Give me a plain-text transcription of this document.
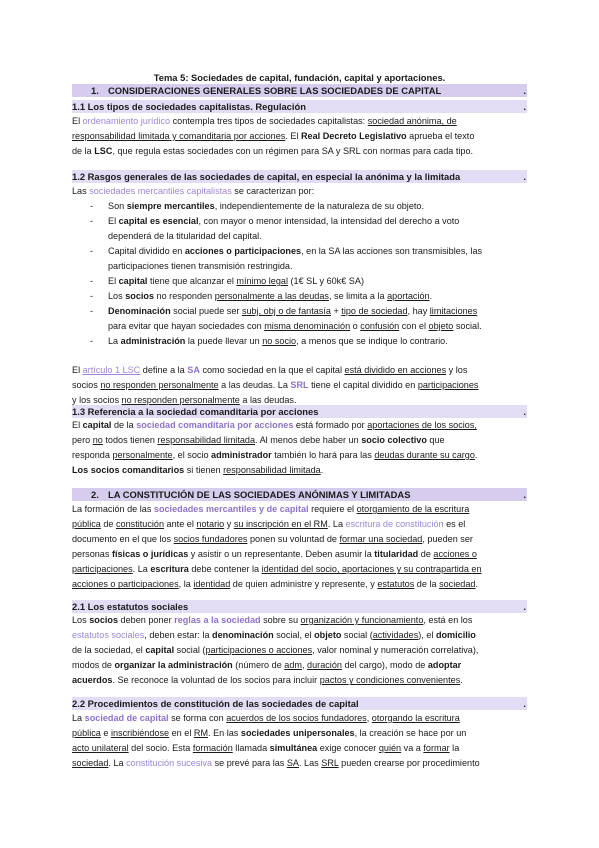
Tema 5: Sociedades de capital, fundación, capital y aportaciones.
1. CONSIDERACIONES GENERALES SOBRE LAS SOCIEDADES DE CAPITAL	.
1.1 Los tipos de sociedades capitalistas. Regulación	.
El ordenamiento jurídico contempla tres tipos de sociedades capitalistas: sociedad anónima, de
responsabilidad limitada y comanditaria por acciones. El Real Decreto Legislativo aprueba el texto
de la LSC, que regula estas sociedades con un régimen para SA y SRL con normas para cada tipo.
1.2 Rasgos generales de las sociedades de capital, en especial la anónima y la limitada	.
Las sociedades mercantiles capitalistas se caracterizan por:
- Son siempre mercantiles, independientemente de la naturaleza de su objeto.
- El capital es esencial, con mayor o menor intensidad, la intensidad del derecho a voto
dependerá de la titularidad del capital.
- Capital dividido en acciones o participaciones, en la SA las acciones son transmisibles, las
participaciones tienen transmisión restringida.
- El capital tiene que alcanzar el mínimo legal (1€ SL y 60k€ SA)
- Los socios no responden personalmente a las deudas, se limita a la aportación.
- Denominación social puede ser subj, obj o de fantasía + tipo de sociedad, hay limitaciones
para evitar que hayan sociedades con misma denominación o confusión con el objeto social.
- La administración la puede llevar un no socio, a menos que se indique lo contrario.
El artículo 1 LSC define a la SA como sociedad en la que el capital está dividido en acciones y los
socios no responden personalmente a las deudas. La SRL tiene el capital dividido en participaciones
y los socios no responden personalmente a las deudas.
1.3 Referencia a la sociedad comanditaria por acciones	.
El capital de la sociedad comanditaria por acciones está formado por aportaciones de los socios,
pero no todos tienen responsabilidad limitada. Al menos debe haber un socio colectivo que
responda personalmente, el socio administrador también lo hará para las deudas durante su cargo.
Los socios comanditarios si tienen responsabilidad limitada.
2. LA CONSTITUCIÓN DE LAS SOCIEDADES ANÓNIMAS Y LIMITADAS	.
La formación de las sociedades mercantiles y de capital requiere el otorgamiento de la escritura
pública de constitución ante el notario y su inscripción en el RM. La escritura de constitución es el
documento en el que los socios fundadores ponen su voluntad de formar una sociedad, pueden ser
personas físicas o jurídicas y asistir o un representante. Deben asumir la titularidad de acciones o
participaciones. La escritura debe contener la identidad del socio, aportaciones y su contrapartida en
acciones o participaciones, la identidad de quien administre y represente, y estatutos de la sociedad.
2.1 Los estatutos sociales	.
Los socios deben poner reglas a la sociedad sobre su organización y funcionamiento, está en los
estatutos sociales, deben estar: la denominación social, el objeto social (actividades), el domicilio
de la sociedad, el capital social (participaciones o acciones, valor nominal y numeración correlativa),
modos de organizar la administración (número de adm, duración del cargo), modo de adoptar
acuerdos. Se reconoce la voluntad de los socios para incluir pactos y condiciones convenientes.
2.2 Procedimientos de constitución de las sociedades de capital	.
La sociedad de capital se forma con acuerdos de los socios fundadores, otorgando la escritura
pública e inscribiéndose en el RM. En las sociedades unipersonales, la creación se hace por un
acto unilateral del socio. Esta formación llamada simultánea exige conocer quién va a formar la
sociedad. La constitución sucesiva se prevé para las SA. Las SRL pueden crearse por procedimiento
